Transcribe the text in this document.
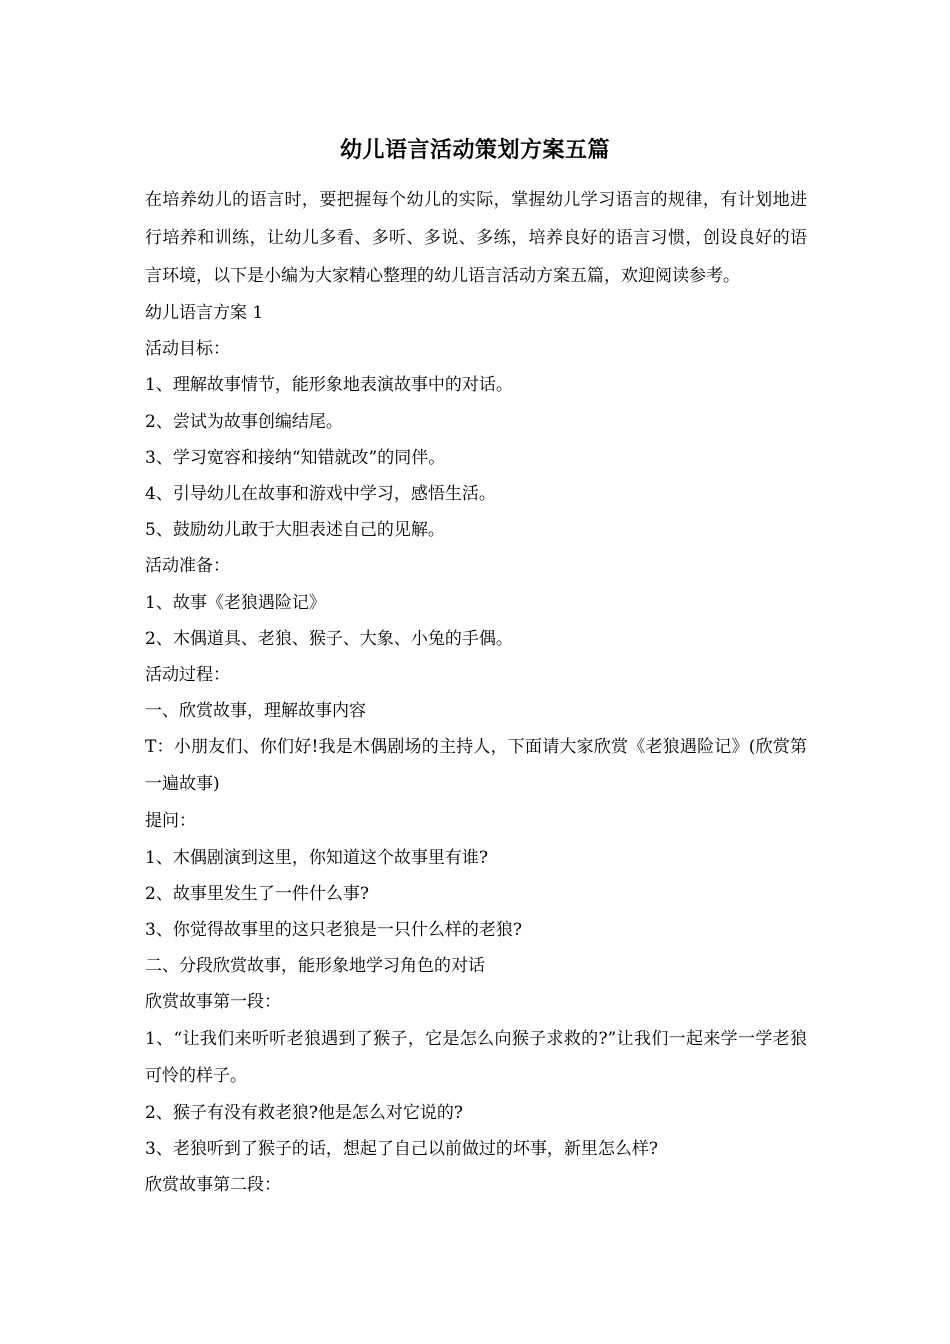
幼儿语言活动策划方案五篇

在培养幼儿的语言时，要把握每个幼儿的实际，掌握幼儿学习语言的规律，有计划地进行培养和训练，让幼儿多看、多听、多说、多练，培养良好的语言习惯，创设良好的语言环境，以下是小编为大家精心整理的幼儿语言活动方案五篇，欢迎阅读参考。

幼儿语言方案 1

活动目标：

1、理解故事情节，能形象地表演故事中的对话。

2、尝试为故事创编结尾。

3、学习宽容和接纳“知错就改”的同伴。

4、引导幼儿在故事和游戏中学习，感悟生活。

5、鼓励幼儿敢于大胆表述自己的见解。

活动准备：

1、故事《老狼遇险记》

2、木偶道具、老狼、猴子、大象、小兔的手偶。

活动过程：

一、欣赏故事，理解故事内容

T：小朋友们、你们好!我是木偶剧场的主持人，下面请大家欣赏《老狼遇险记》(欣赏第一遍故事)

提问：

1、木偶剧演到这里，你知道这个故事里有谁?

2、故事里发生了一件什么事?

3、你觉得故事里的这只老狼是一只什么样的老狼?

二、分段欣赏故事，能形象地学习角色的对话

欣赏故事第一段：

1、“让我们来听听老狼遇到了猴子，它是怎么向猴子求救的?”让我们一起来学一学老狼可怜的样子。

2、猴子有没有救老狼?他是怎么对它说的?

3、老狼听到了猴子的话，想起了自己以前做过的坏事，新里怎么样?

欣赏故事第二段：
